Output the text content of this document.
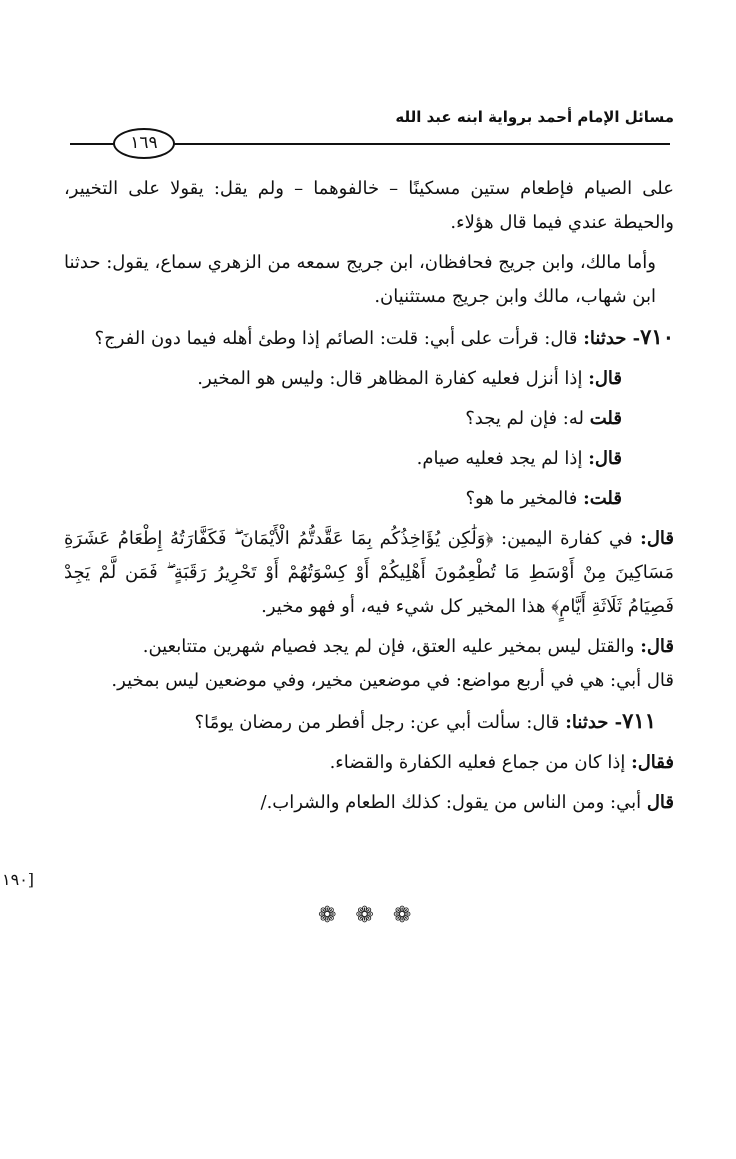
مسائل الإمام أحمد برواية ابنه عبد الله
١٦٩

على الصيام فإطعام ستين مسكينًا – خالفوهما – ولم يقل: يقولا على التخيير، والحيطة عندي فيما قال هؤلاء.

وأما مالك، وابن جريج فحافظان، ابن جريج سمعه من الزهري سماع، يقول: حدثنا ابن شهاب، مالك وابن جريج مستثنيان.

٧١٠- حدثنا: قال: قرأت على أبي: قلت: الصائم إذا وطئ أهله فيما دون الفرج؟

قال: إذا أنزل فعليه كفارة المظاهر قال: وليس هو المخير.

قلت له: فإن لم يجد؟

قال: إذا لم يجد فعليه صيام.

قلت: فالمخير ما هو؟

قال: في كفارة اليمين: ﴿وَلَٰكِن يُؤَاخِذُكُم بِمَا عَقَّدتُّمُ الْأَيْمَانَ ۖ فَكَفَّارَتُهُ إِطْعَامُ عَشَرَةِ مَسَاكِينَ مِنْ أَوْسَطِ مَا تُطْعِمُونَ أَهْلِيكُمْ أَوْ كِسْوَتُهُمْ أَوْ تَحْرِيرُ رَقَبَةٍ ۖ فَمَن لَّمْ يَجِدْ فَصِيَامُ ثَلَاثَةِ أَيَّامٍ﴾ هذا المخير كل شيء فيه، أو فهو مخير.

قال: والقتل ليس بمخير عليه العتق، فإن لم يجد فصيام شهرين متتابعين.

قال أبي: هي في أربع مواضع: في موضعين مخير، وفي موضعين ليس بمخير.

٧١١- حدثنا: قال: سألت أبي عن: رجل أفطر من رمضان يومًا؟

فقال: إذا كان من جماع فعليه الكفارة والقضاء.

قال أبي: ومن الناس من يقول: كذلك الطعام والشراب./

[١٩٠
❁ ❁ ❁
